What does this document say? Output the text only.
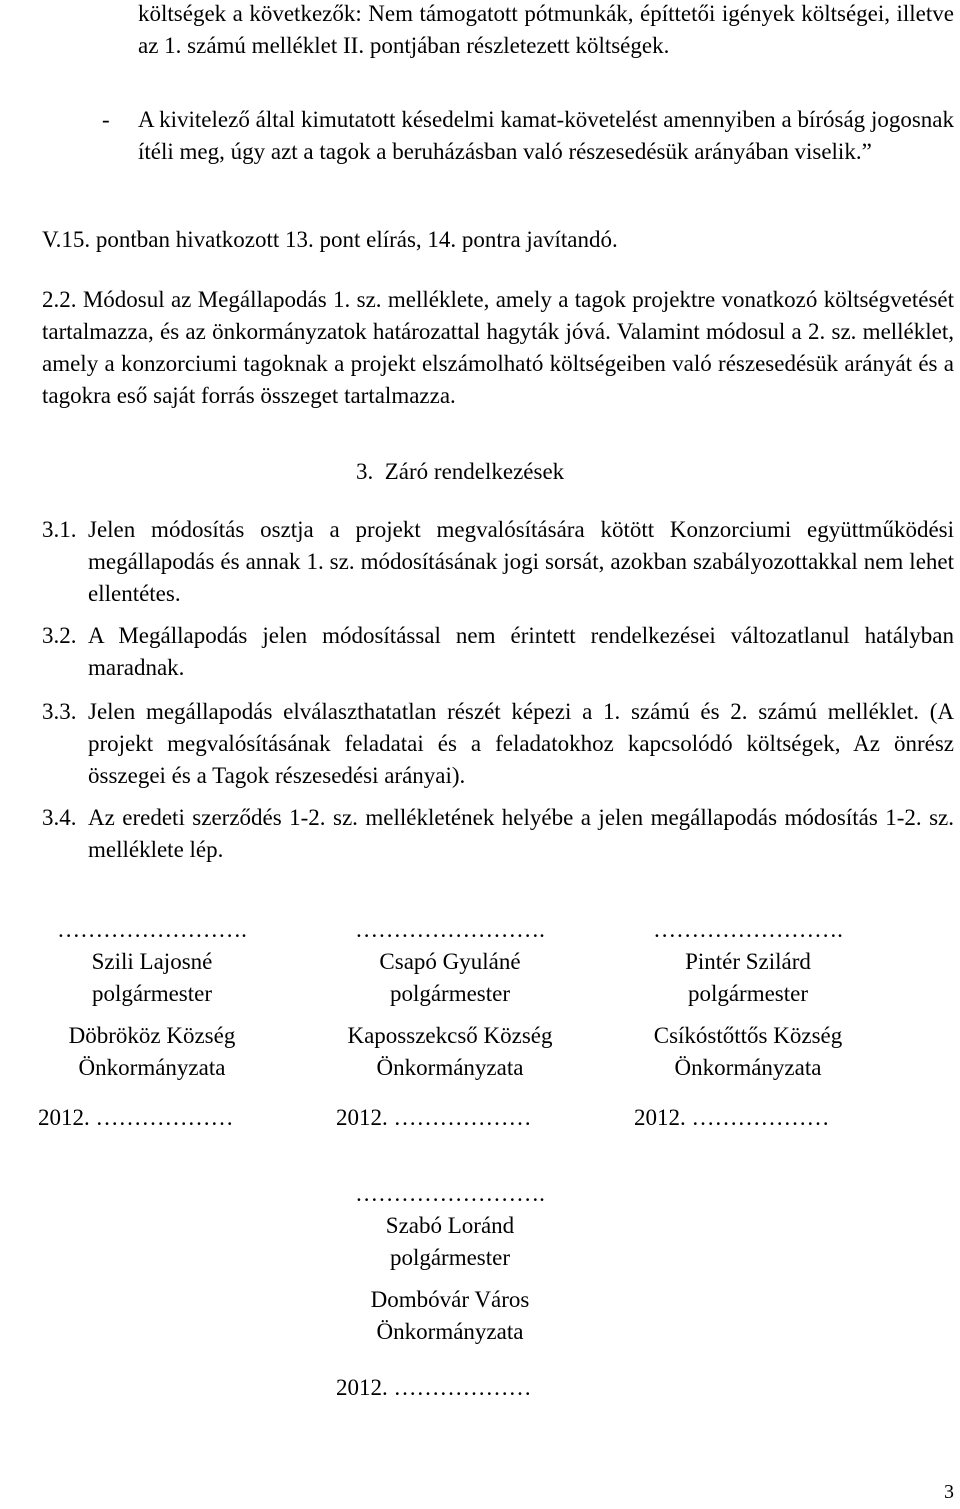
költségek a következők: Nem támogatott pótmunkák, építtetői igények költségei, illetve az 1. számú melléklet II. pontjában részletezett költségek.
- A kivitelező által kimutatott késedelmi kamat-követelést amennyiben a bíróság jogosnak ítéli meg, úgy azt a tagok a beruházásban való részesedésük arányában viselik.”
V.15. pontban hivatkozott 13. pont elírás, 14. pontra javítandó.
2.2. Módosul az Megállapodás 1. sz. melléklete, amely a tagok projektre vonatkozó költségvetését tartalmazza, és az önkormányzatok határozattal hagyták jóvá. Valamint módosul a 2. sz. melléklet, amely a konzorciumi tagoknak a projekt elszámolható költségeiben való részesedésük arányát és a tagokra eső saját forrás összeget tartalmazza.
3.  Záró rendelkezések
3.1. Jelen módosítás osztja a projekt megvalósítására kötött Konzorciumi együttműködési megállapodás és annak 1. sz. módosításának jogi sorsát, azokban szabályozottakkal nem lehet ellentétes.
3.2. A Megállapodás jelen módosítással nem érintett rendelkezései változatlanul hatályban maradnak.
3.3. Jelen megállapodás elválaszthatatlan részét képezi a 1. számú és 2. számú melléklet. (A projekt megvalósításának feladatai és a feladatokhoz kapcsolódó költségek, Az önrész összegei és a Tagok részesedési arányai).
3.4. Az eredeti szerződés 1-2. sz. mellékletének helyébe a jelen megállapodás módosítás 1-2. sz. melléklete lép.
…………………….
Szili Lajosné
polgármester
Döbrököz Község
Önkormányzata
2012. ………………
…………………….
Csapó Gyuláné
polgármester
Kaposszekcső Község
Önkormányzata
2012. ………………
…………………….
Pintér Szilárd
polgármester
Csíkóstőttős Község
Önkormányzata
2012. ………………
…………………….
Szabó Loránd
polgármester
Dombóvár Város
Önkormányzata
2012. ………………
3
